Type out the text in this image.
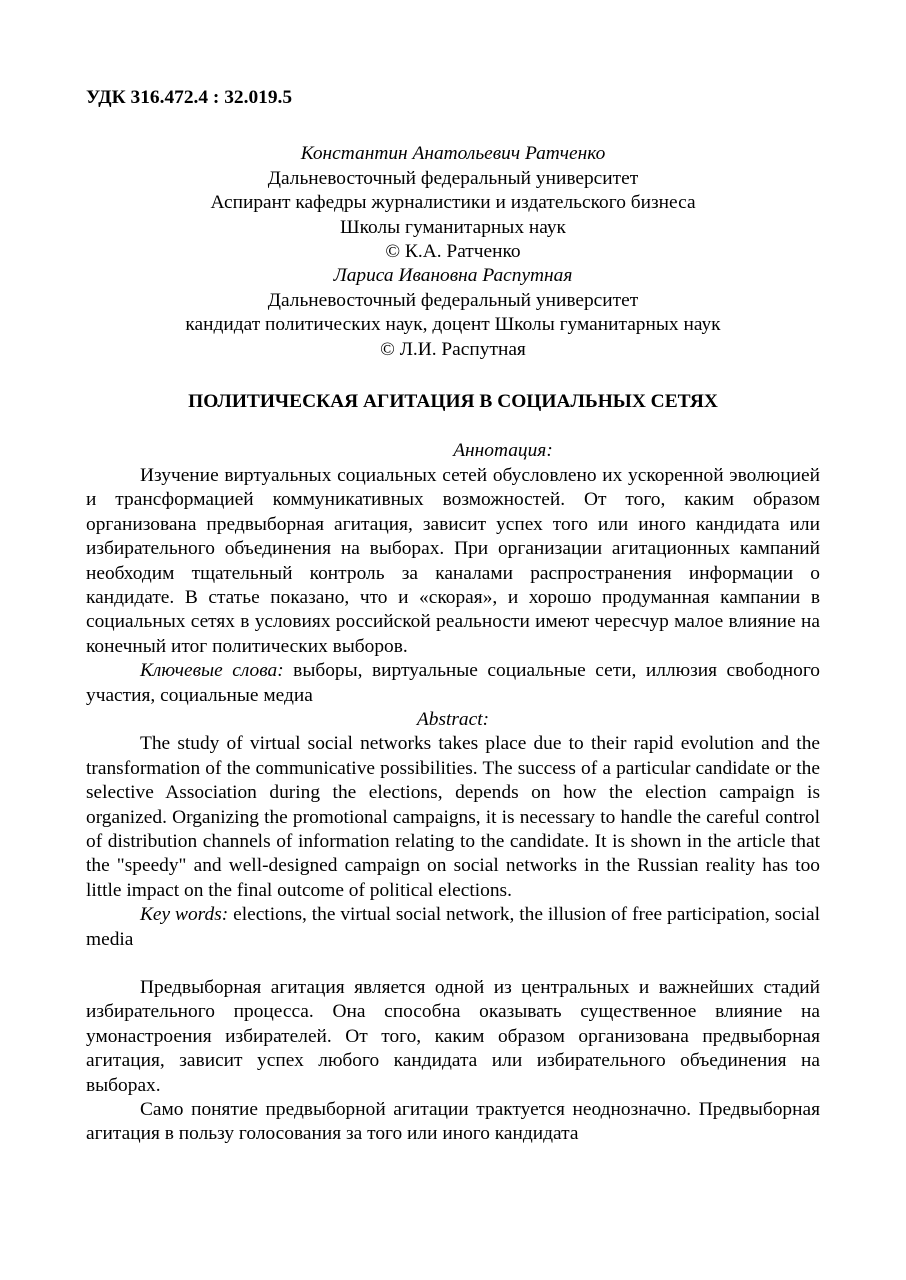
УДК 316.472.4 : 32.019.5
Константин Анатольевич Ратченко
Дальневосточный федеральный университет
Аспирант кафедры журналистики и издательского бизнеса
Школы гуманитарных наук
© К.А. Ратченко
Лариса Ивановна Распутная
Дальневосточный федеральный университет
кандидат политических наук, доцент Школы гуманитарных наук
© Л.И. Распутная
ПОЛИТИЧЕСКАЯ АГИТАЦИЯ В СОЦИАЛЬНЫХ СЕТЯХ
Аннотация:

Изучение виртуальных социальных сетей обусловлено их ускоренной эволюцией и трансформацией коммуникативных возможностей. От того, каким образом организована предвыборная агитация, зависит успех того или иного кандидата или избирательного объединения на выборах. При организации агитационных кампаний необходим тщательный контроль за каналами распространения информации о кандидате. В статье показано, что и «скорая», и хорошо продуманная кампании в социальных сетях в условиях российской реальности имеют чересчур малое влияние на конечный итог политических выборов.

Ключевые слова: выборы, виртуальные социальные сети, иллюзия свободного участия, социальные медиа

Abstract:

The study of virtual social networks takes place due to their rapid evolution and the transformation of the communicative possibilities. The success of a particular candidate or the selective Association during the elections, depends on how the election campaign is organized. Organizing the promotional campaigns, it is necessary to handle the careful control of distribution channels of information relating to the candidate. It is shown in the article that the "speedy" and well-designed campaign on social networks in the Russian reality has too little impact on the final outcome of political elections.

Key words: elections, the virtual social network, the illusion of free participation, social media

Предвыборная агитация является одной из центральных и важнейших стадий избирательного процесса. Она способна оказывать существенное влияние на умонастроения избирателей. От того, каким образом организована предвыборная агитация, зависит успех любого кандидата или избирательного объединения на выборах.

Само понятие предвыборной агитации трактуется неоднозначно. Предвыборная агитация в пользу голосования за того или иного кандидата
